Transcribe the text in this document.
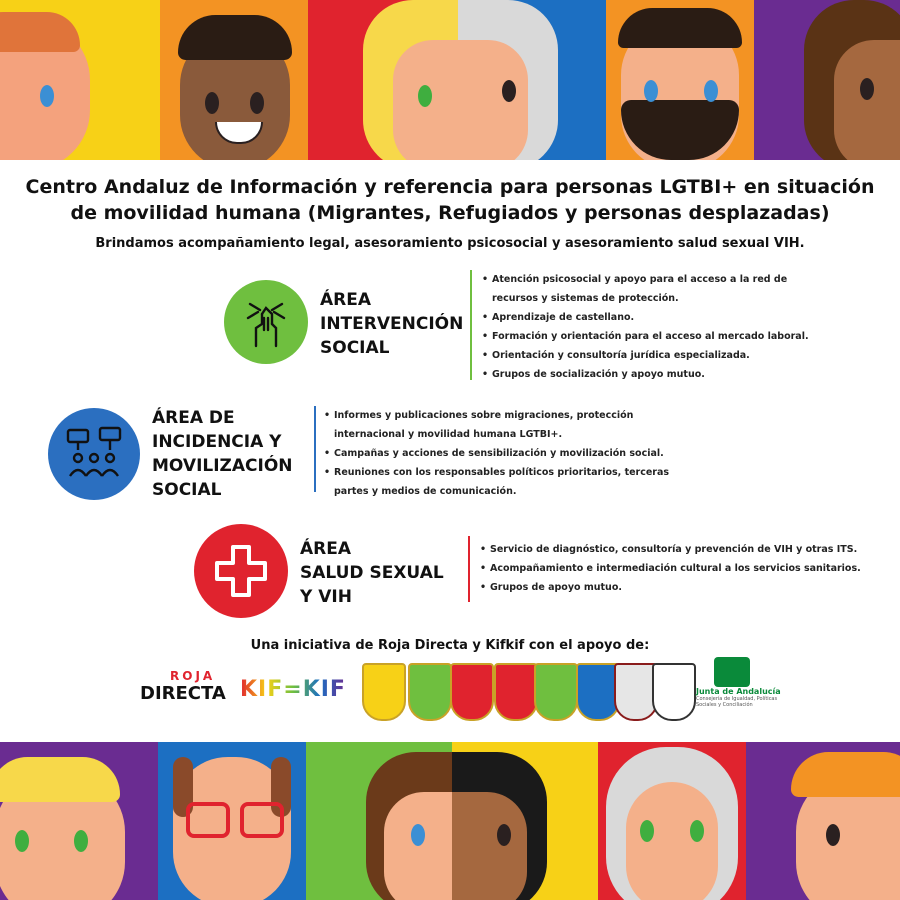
Centro Andaluz de Información y referencia para personas LGTBI+ en situación de movilidad humana (Migrantes, Refugiados y personas desplazadas)
Brindamos acompañamiento legal, asesoramiento psicosocial y asesoramiento salud sexual VIH.
ÁREA
INTERVENCIÓN
SOCIAL
• Atención psicosocial y apoyo para el acceso a la red de recursos y sistemas de protección.
• Aprendizaje de castellano.
• Formación y orientación para el acceso al mercado laboral.
• Orientación y consultoría jurídica especializada.
• Grupos de socialización y apoyo mutuo.
ÁREA DE
INCIDENCIA Y
MOVILIZACIÓN
SOCIAL
• Informes y publicaciones sobre migraciones, protección internacional y movilidad humana LGTBI+.
• Campañas y acciones de sensibilización y movilización social.
• Reuniones con los responsables políticos prioritarios, terceras partes y medios de comunicación.
ÁREA
SALUD SEXUAL
Y VIH
• Servicio de diagnóstico, consultoría y prevención de VIH y otras ITS.
• Acompañamiento e intermediación cultural a los servicios sanitarios.
• Grupos de apoyo mutuo.
Una iniciativa de Roja Directa y Kifkif con el apoyo de:
ROJA
DIRECTA KIF=KIF	Junta de Andalucía
Consejería de Igualdad, Políticas Sociales y Conciliación
